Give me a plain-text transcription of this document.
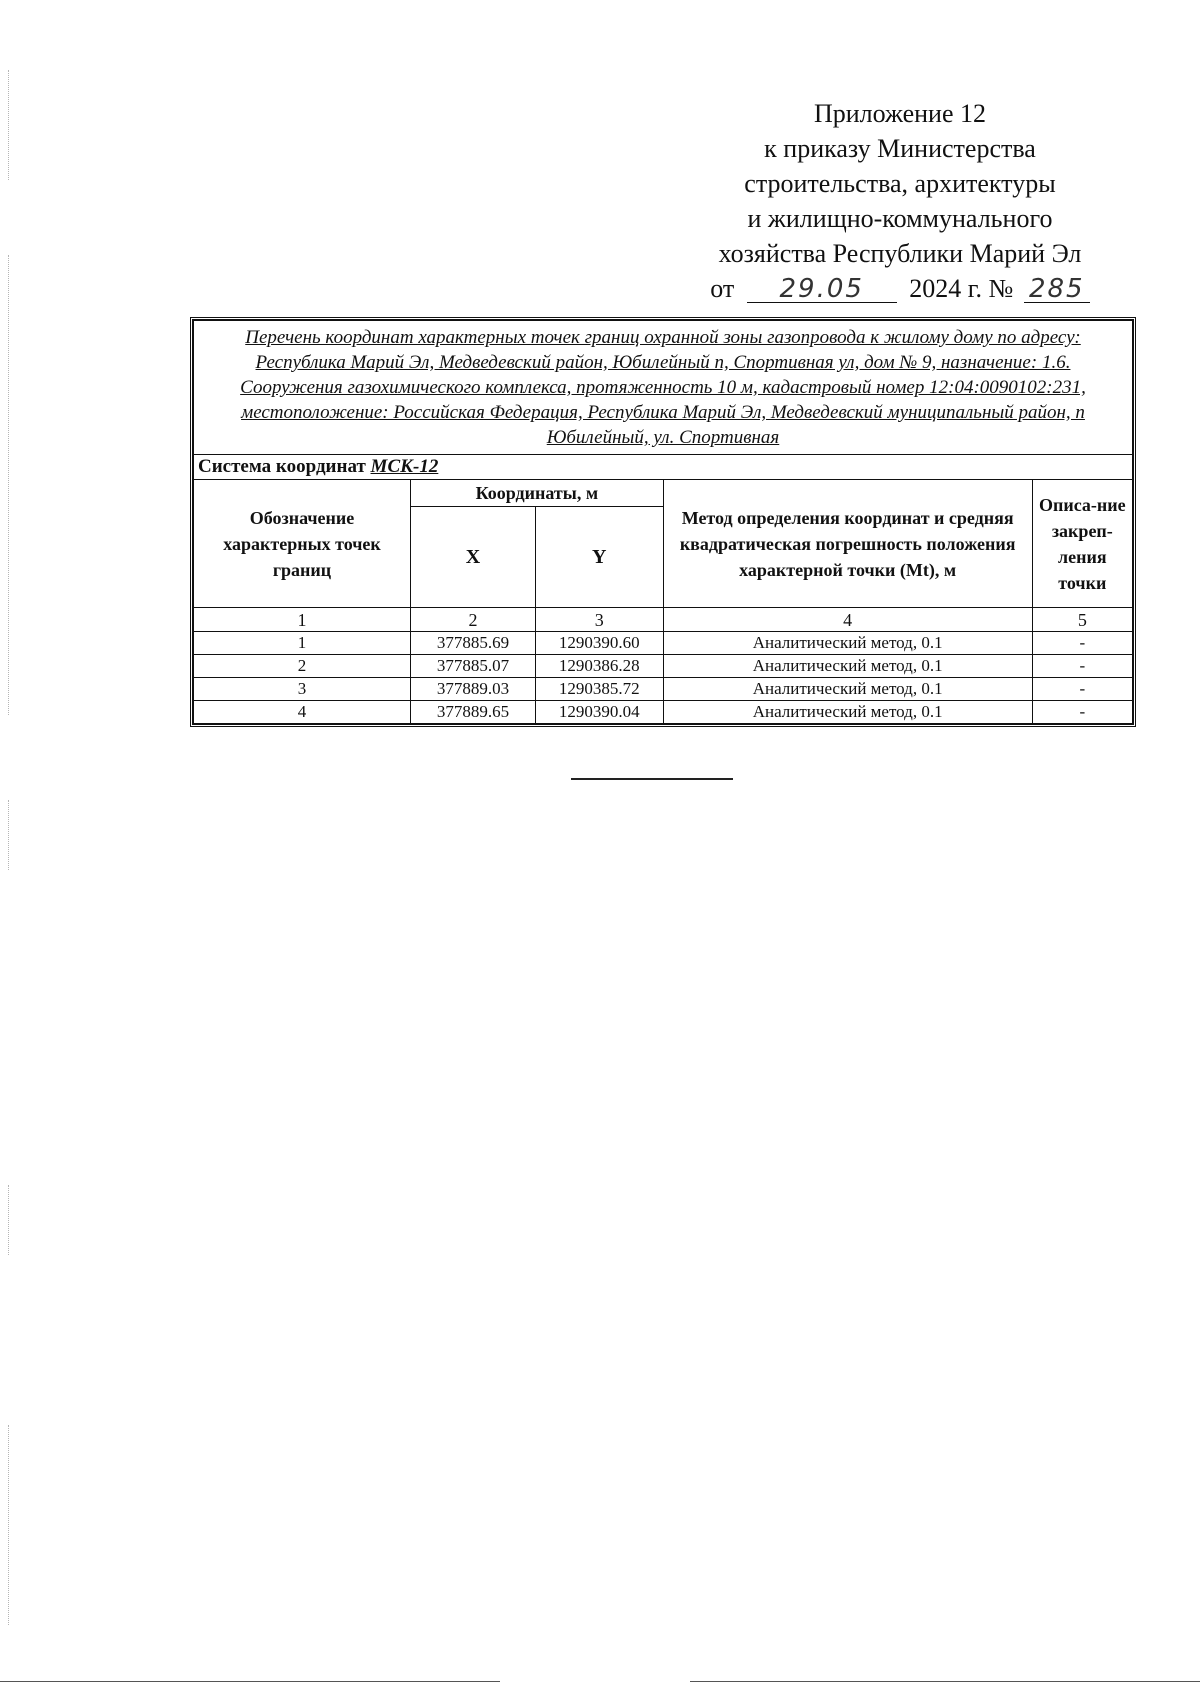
Приложение 12
к приказу Министерства
строительства, архитектуры
и жилищно-коммунального
хозяйства Республики Марий Эл
от 29.05 2024 г. № 285
Перечень координат характерных точек границ охранной зоны газопровода к жилому дому по адресу: Республика Марий Эл, Медведевский район, Юбилейный п, Спортивная ул, дом № 9, назначение: 1.6. Сооружения газохимического комплекса, протяженность 10 м, кадастровый номер 12:04:0090102:231, местоположение: Российская Федерация, Республика Марий Эл, Медведевский муниципальный район, п Юбилейный, ул. Спортивная				
Система координат МСК-12				
Обозначение характерных точек границ	Координаты, м		Метод определения координат и средняя квадратическая погрешность положения характерной точки (Mt), м	Описа-ние закреп-ления точки
	X	Y		
1	2	3	4	5
1	377885.69	1290390.60	Аналитический метод, 0.1	-
2	377885.07	1290386.28	Аналитический метод, 0.1	-
3	377889.03	1290385.72	Аналитический метод, 0.1	-
4	377889.65	1290390.04	Аналитический метод, 0.1	-
